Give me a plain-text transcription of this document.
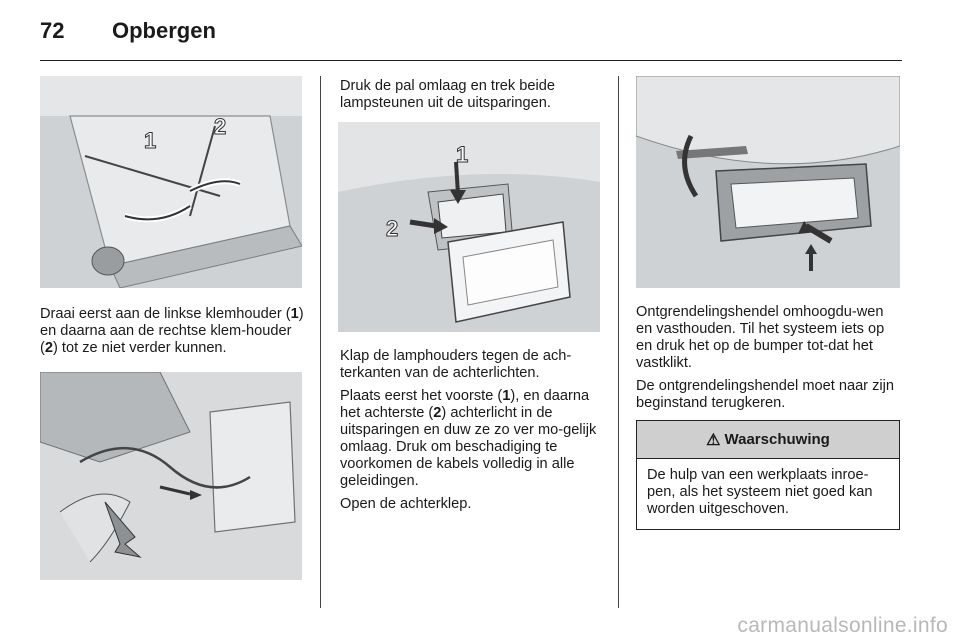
72 Opbergen
1
2
Draai eerst aan de linkse klemhouder (1) en daarna aan de rechtse klem-houder (2) tot ze niet verder kunnen.
Druk de pal omlaag en trek beide lampsteunen uit de uitsparingen.
1
2

Klap de lamphouders tegen de ach-terkanten van de achterlichten.

Plaats eerst het voorste (1), en daarna het achterste (2) achterlicht in de uitsparingen en duw ze zo ver mo-gelijk omlaag. Druk om beschadiging te voorkomen de kabels volledig in alle geleidingen.

Open de achterklep.

Ontgrendelingshendel omhoogdu-wen en vasthouden. Til het systeem iets op en druk het op de bumper tot-dat het vastklikt.

De ontgrendelingshendel moet naar zijn beginstand terugkeren.

⚠ Waarschuwing
De hulp van een werkplaats inroe-pen, als het systeem niet goed kan worden uitgeschoven.
carmanualsonline.info
